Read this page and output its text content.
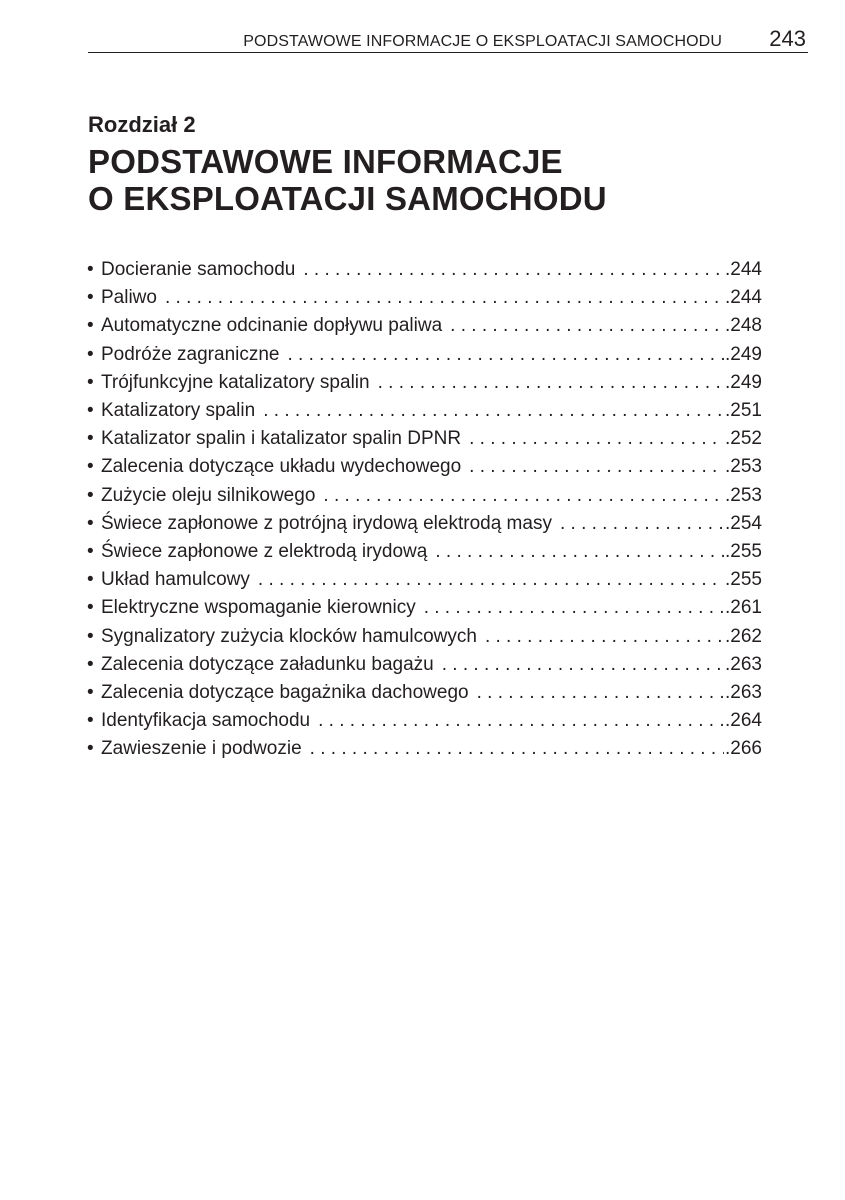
PODSTAWOWE INFORMACJE O EKSPLOATACJI SAMOCHODU 243
Rozdział 2
PODSTAWOWE INFORMACJE
O EKSPLOATACJI SAMOCHODU
• Docieranie samochodu . . .	.244
• Paliwo . . .	.244
• Automatyczne odcinanie dopływu paliwa . . .	.248
• Podróże zagraniczne . . .	.249
• Trójfunkcyjne katalizatory spalin . . .	.249
• Katalizatory spalin . . .	.251
• Katalizator spalin i katalizator spalin DPNR . . .	.252
• Zalecenia dotyczące układu wydechowego . . .	.253
• Zużycie oleju silnikowego . . .	.253
• Świece zapłonowe z potrójną irydową elektrodą masy . . .	.254
• Świece zapłonowe z elektrodą irydową . . .	.255
• Układ hamulcowy . . .	.255
• Elektryczne wspomaganie kierownicy . . .	.261
• Sygnalizatory zużycia klocków hamulcowych . . .	.262
• Zalecenia dotyczące załadunku bagażu . . .	.263
• Zalecenia dotyczące bagażnika dachowego . . .	.263
• Identyfikacja samochodu . . .	.264
• Zawieszenie i podwozie . . .	.266
